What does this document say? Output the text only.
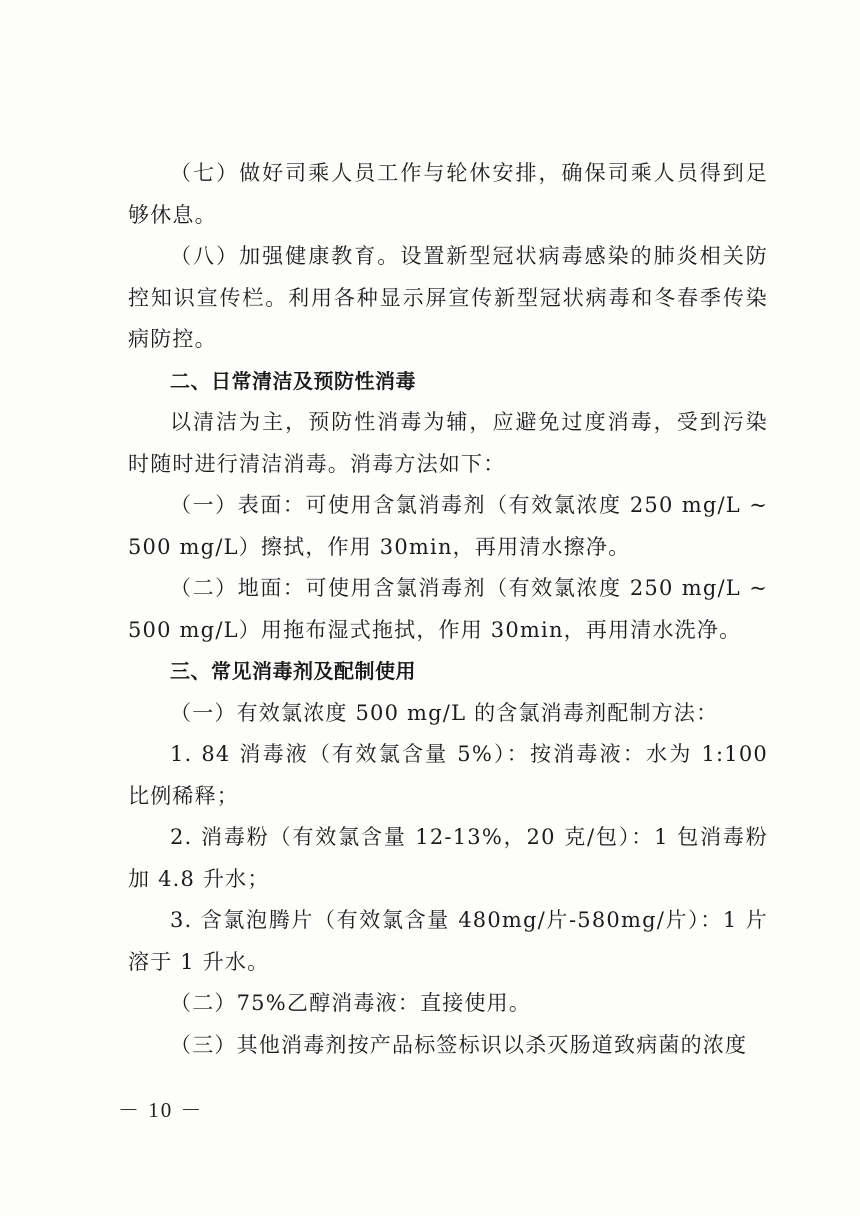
（七）做好司乘人员工作与轮休安排，确保司乘人员得到足够休息。

（八）加强健康教育。设置新型冠状病毒感染的肺炎相关防控知识宣传栏。利用各种显示屏宣传新型冠状病毒和冬春季传染病防控。

二、日常清洁及预防性消毒

以清洁为主，预防性消毒为辅，应避免过度消毒，受到污染时随时进行清洁消毒。消毒方法如下：

（一）表面：可使用含氯消毒剂（有效氯浓度 250 mg/L ~ 500 mg/L）擦拭，作用 30min，再用清水擦净。

（二）地面：可使用含氯消毒剂（有效氯浓度 250 mg/L ~ 500 mg/L）用拖布湿式拖拭，作用 30min，再用清水洗净。

三、常见消毒剂及配制使用

（一）有效氯浓度 500 mg/L 的含氯消毒剂配制方法：

1. 84 消毒液（有效氯含量 5%）：按消毒液：水为 1:100 比例稀释；

2. 消毒粉（有效氯含量 12-13%，20 克/包）：1 包消毒粉加 4.8 升水；

3. 含氯泡腾片（有效氯含量 480mg/片-580mg/片）：1 片溶于 1 升水。

（二）75%乙醇消毒液：直接使用。

（三）其他消毒剂按产品标签标识以杀灭肠道致病菌的浓度

－ 10 －
